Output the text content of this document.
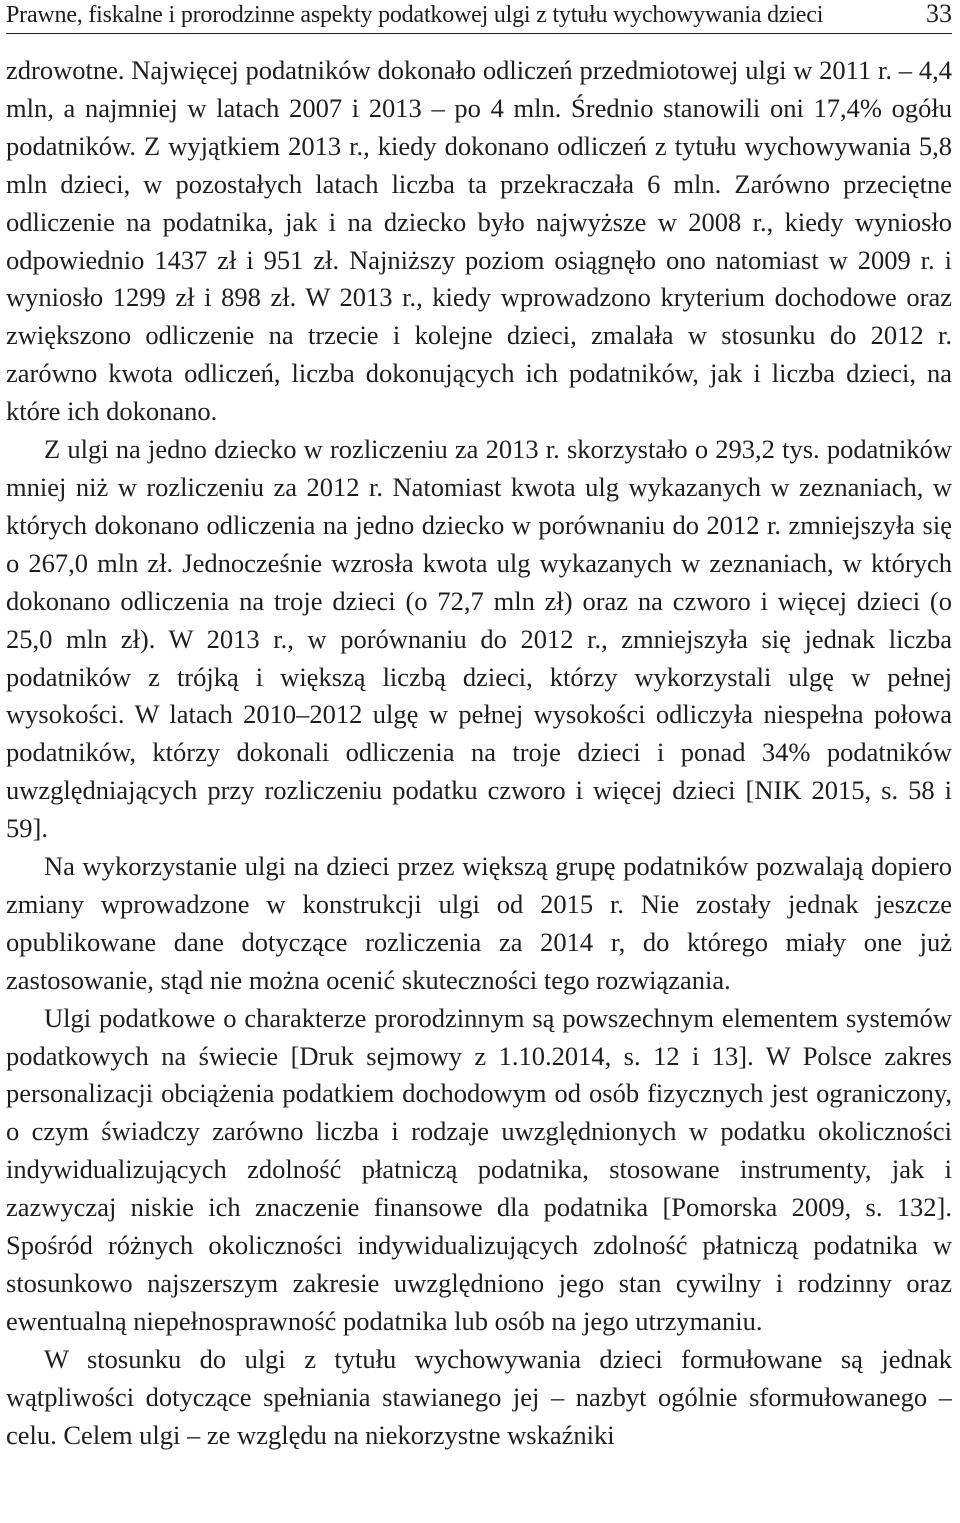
Prawne, fiskalne i prorodzinne aspekty podatkowej ulgi z tytułu wychowywania dzieci	33

zdrowotne. Najwięcej podatników dokonało odliczeń przedmiotowej ulgi w 2011 r. – 4,4 mln, a najmniej w latach 2007 i 2013 – po 4 mln. Średnio stanowili oni 17,4% ogółu podatników. Z wyjątkiem 2013 r., kiedy dokonano odliczeń z tytułu wychowywania 5,8 mln dzieci, w pozostałych latach liczba ta przekraczała 6 mln. Zarówno przeciętne odliczenie na podatnika, jak i na dziecko było najwyższe w 2008 r., kiedy wyniosło odpowiednio 1437 zł i 951 zł. Najniższy poziom osiągnęło ono natomiast w 2009 r. i wyniosło 1299 zł i 898 zł. W 2013 r., kiedy wprowadzono kryterium dochodowe oraz zwiększono odliczenie na trzecie i kolejne dzieci, zmalała w stosunku do 2012 r. zarówno kwota odliczeń, liczba dokonujących ich podatników, jak i liczba dzieci, na które ich dokonano.

Z ulgi na jedno dziecko w rozliczeniu za 2013 r. skorzystało o 293,2 tys. podatników mniej niż w rozliczeniu za 2012 r. Natomiast kwota ulg wykazanych w zeznaniach, w których dokonano odliczenia na jedno dziecko w porównaniu do 2012 r. zmniejszyła się o 267,0 mln zł. Jednocześnie wzrosła kwota ulg wykazanych w zeznaniach, w których dokonano odliczenia na troje dzieci (o 72,7 mln zł) oraz na czworo i więcej dzieci (o 25,0 mln zł). W 2013 r., w porównaniu do 2012 r., zmniejszyła się jednak liczba podatników z trójką i większą liczbą dzieci, którzy wykorzystali ulgę w pełnej wysokości. W latach 2010–2012 ulgę w pełnej wysokości odliczyła niespełna połowa podatników, którzy dokonali odliczenia na troje dzieci i ponad 34% podatników uwzględniających przy rozliczeniu podatku czworo i więcej dzieci [NIK 2015, s. 58 i 59].

Na wykorzystanie ulgi na dzieci przez większą grupę podatników pozwalają dopiero zmiany wprowadzone w konstrukcji ulgi od 2015 r. Nie zostały jednak jeszcze opublikowane dane dotyczące rozliczenia za 2014 r, do którego miały one już zastosowanie, stąd nie można ocenić skuteczności tego rozwiązania.

Ulgi podatkowe o charakterze prorodzinnym są powszechnym elementem systemów podatkowych na świecie [Druk sejmowy z 1.10.2014, s. 12 i 13]. W Polsce zakres personalizacji obciążenia podatkiem dochodowym od osób fizycznych jest ograniczony, o czym świadczy zarówno liczba i rodzaje uwzględnionych w podatku okoliczności indywidualizujących zdolność płatniczą podatnika, stosowane instrumenty, jak i zazwyczaj niskie ich znaczenie finansowe dla podatnika [Pomorska 2009, s. 132]. Spośród różnych okoliczności indywidualizujących zdolność płatniczą podatnika w stosunkowo najszerszym zakresie uwzględniono jego stan cywilny i rodzinny oraz ewentualną niepełnosprawność podatnika lub osób na jego utrzymaniu.

W stosunku do ulgi z tytułu wychowywania dzieci formułowane są jednak wątpliwości dotyczące spełniania stawianego jej – nazbyt ogólnie sformułowanego – celu. Celem ulgi – ze względu na niekorzystne wskaźniki
